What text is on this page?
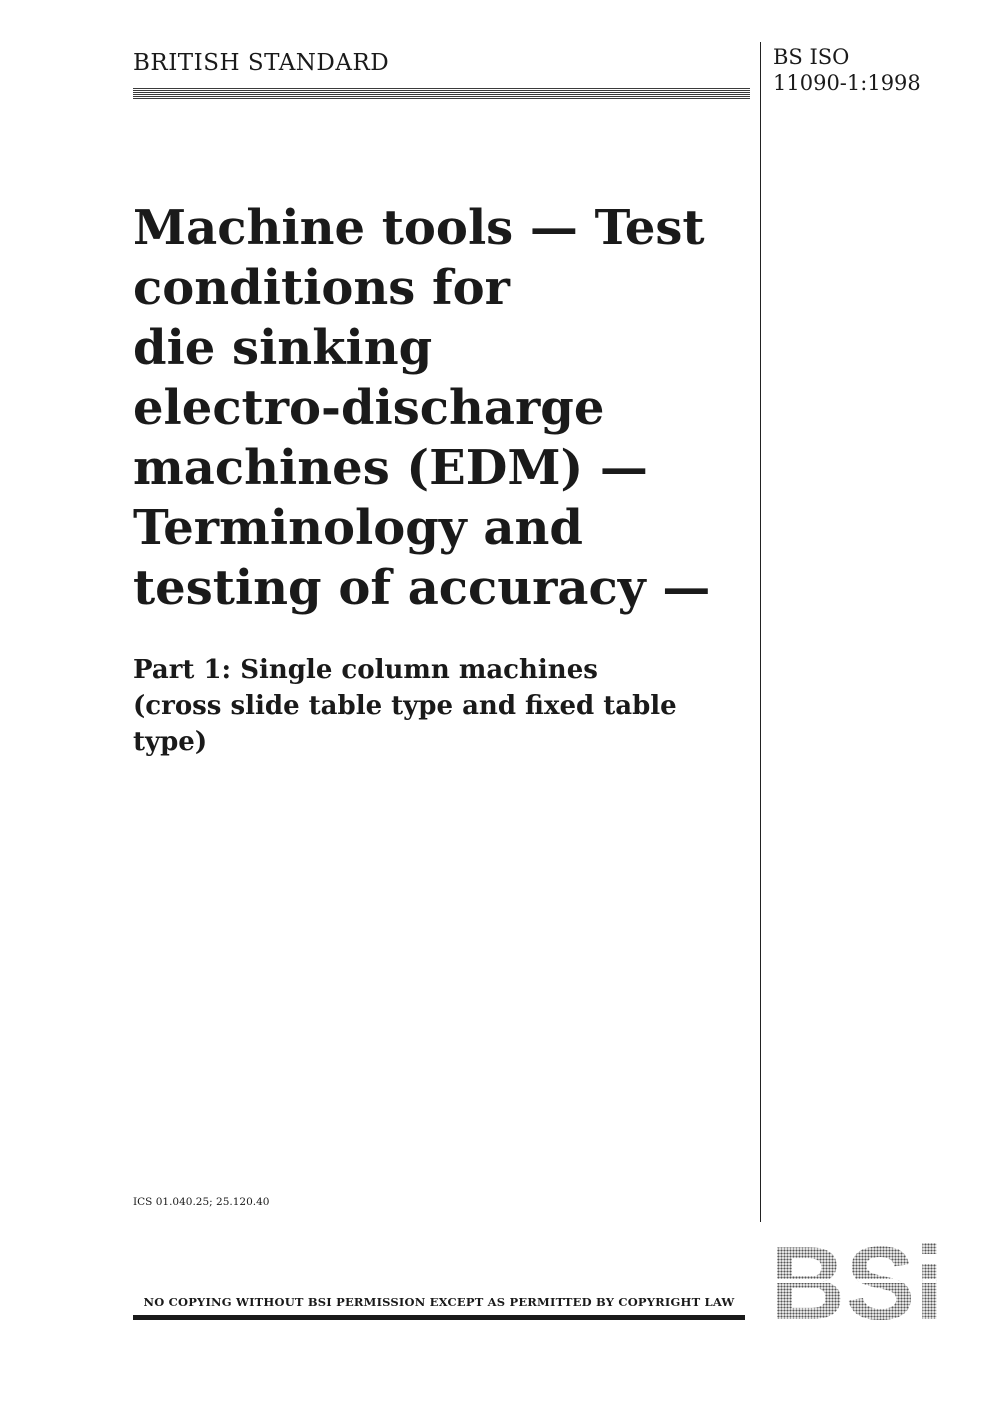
BRITISH STANDARD	BS ISO
11090-1:1998

Machine tools — Test
conditions for
die sinking
electro-discharge
machines (EDM) —
Terminology and
testing of accuracy —
Part 1: Single column machines
(cross slide table type and fixed table
type)

ICS 01.040.25; 25.120.40

NO COPYING WITHOUT BSI PERMISSION EXCEPT AS PERMITTED BY COPYRIGHT LAW
